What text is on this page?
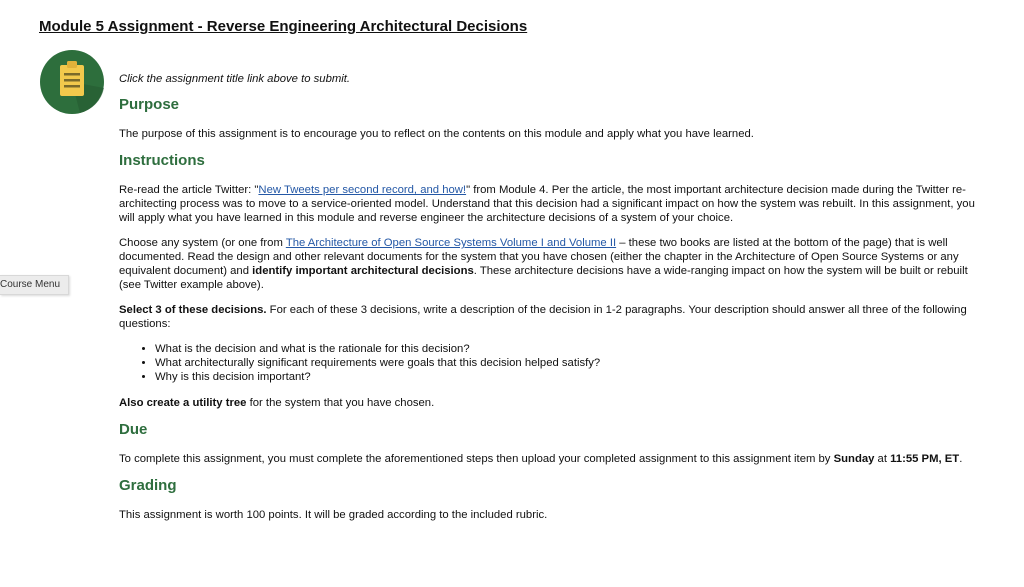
Module 5 Assignment - Reverse Engineering Architectural Decisions
Course Menu

Click the assignment title link above to submit.

Purpose

The purpose of this assignment is to encourage you to reflect on the contents on this module and apply what you have learned.

Instructions

Re-read the article Twitter: "New Tweets per second record, and how!" from Module 4. Per the article, the most important architecture decision made during the Twitter re-architecting process was to move to a service-oriented model. Understand that this decision had a significant impact on how the system was rebuilt. In this assignment, you will apply what you have learned in this module and reverse engineer the architecture decisions of a system of your choice.

Choose any system (or one from The Architecture of Open Source Systems Volume I and Volume II – these two books are listed at the bottom of the page) that is well documented. Read the design and other relevant documents for the system that you have chosen (either the chapter in the Architecture of Open Source Systems or any equivalent document) and identify important architectural decisions. These architecture decisions have a wide-ranging impact on how the system will be built or rebuilt (see Twitter example above).

Select 3 of these decisions. For each of these 3 decisions, write a description of the decision in 1-2 paragraphs. Your description should answer all three of the following questions:

• What is the decision and what is the rationale for this decision?
• What architecturally significant requirements were goals that this decision helped satisfy?
• Why is this decision important?

Also create a utility tree for the system that you have chosen.

Due

To complete this assignment, you must complete the aforementioned steps then upload your completed assignment to this assignment item by Sunday at 11:55 PM, ET.

Grading

This assignment is worth 100 points. It will be graded according to the included rubric.
